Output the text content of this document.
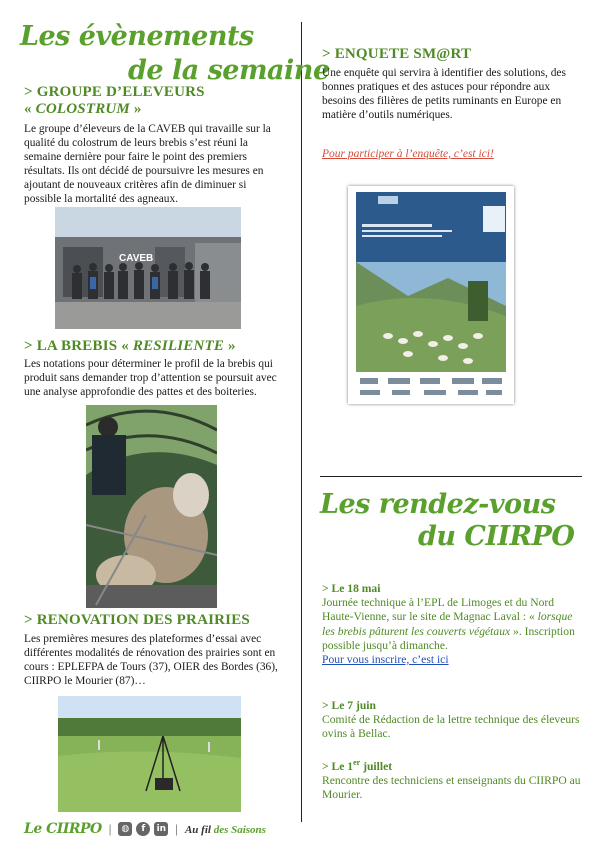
Les évènements
de la semaine

> GROUPE D’ELEVEURS
« COLOSTRUM »

Le groupe d’éleveurs de la CAVEB qui travaille sur la qualité du colostrum de leurs brebis s’est réuni la semaine dernière pour faire le point des premiers résultats. Ils ont décidé de poursuivre les mesures en ajoutant de nouveaux critères afin de diminuer si possible la mortalité des agneaux.

CAVEB

> LA BREBIS « RESILIENTE »

Les notations pour déterminer le profil de la brebis qui produit sans demander trop d’attention se poursuit avec une analyse approfondie des pattes et des boiteries.

> RENOVATION DES PRAIRIES

Les premières mesures des plateformes d’essai avec différentes modalités de rénovation des prairies sont en cours : EPLEFPA de Tours (37), OIER des Bordes (36), CIIRPO le Mourier (87)…

Le CIIRPO | ◍ f in | Au fil des Saisons

> ENQUETE SM@RT

Une enquête qui servira à identifier des solutions, des bonnes pratiques et des astuces pour répondre aux besoins des filières de petits ruminants en Europe en matière d’outils numériques.

Pour participer à l’enquête, c’est ici!

Les rendez-vous
du CIIRPO

> Le 18 mai

Journée technique à l’EPL de Limoges et du Nord Haute-Vienne, sur le site de Magnac Laval : « lorsque les brebis pâturent les couverts végétaux ». Inscription possible jusqu’à dimanche.

Pour vous inscrire, c’est ici

> Le 7 juin

Comité de Rédaction de la lettre technique des éleveurs ovins à Bellac.

> Le 1er juillet

Rencontre des techniciens et enseignants du CIIRPO au Mourier.
